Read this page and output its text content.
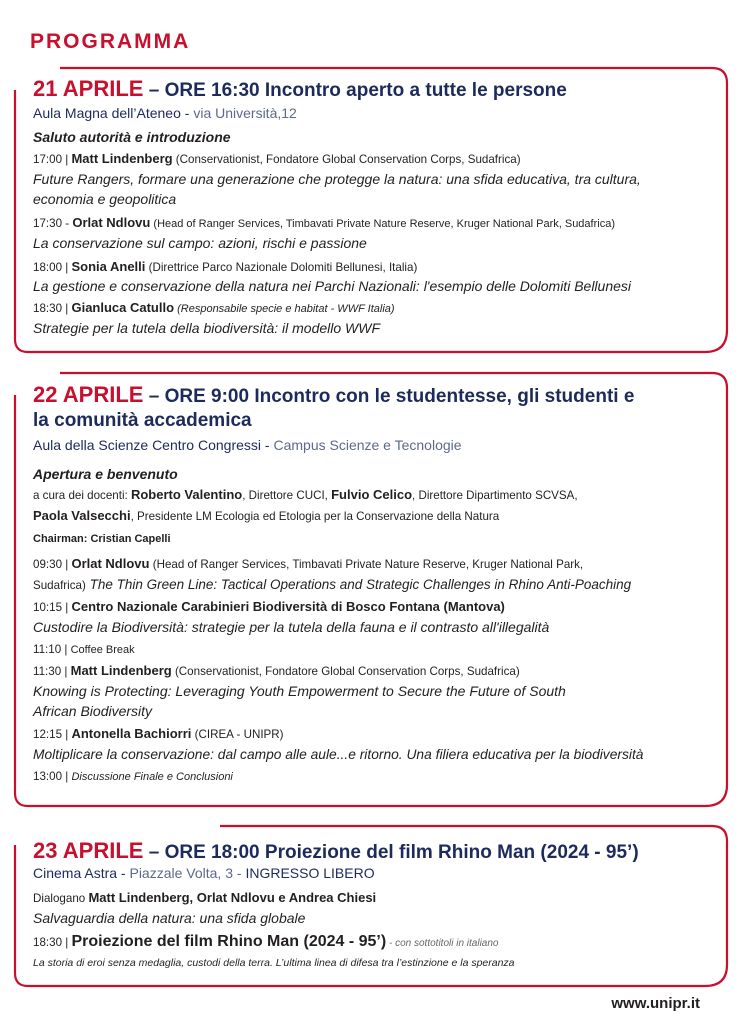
PROGRAMMA
21 APRILE – ORE 16:30 Incontro aperto a tutte le persone
Aula Magna dell’Ateneo - via Università,12
Saluto autorità e introduzione
17:00 | Matt Lindenberg (Conservationist, Fondatore Global Conservation Corps, Sudafrica)
Future Rangers, formare una generazione che protegge la natura: una sfida educativa, tra cultura,
economia e geopolitica
17:30 - Orlat Ndlovu (Head of Ranger Services, Timbavati Private Nature Reserve, Kruger National Park, Sudafrica)
La conservazione sul campo: azioni, rischi e passione
18:00 | Sonia Anelli (Direttrice Parco Nazionale Dolomiti Bellunesi, Italia)
La gestione e conservazione della natura nei Parchi Nazionali: l'esempio delle Dolomiti Bellunesi
18:30 | Gianluca Catullo (Responsabile specie e habitat - WWF Italia)
Strategie per la tutela della biodiversità: il modello WWF
22 APRILE – ORE 9:00 Incontro con le studentesse, gli studenti e
la comunità accademica
Aula della Scienze Centro Congressi - Campus Scienze e Tecnologie
Apertura e benvenuto
a cura dei docenti: Roberto Valentino, Direttore CUCI, Fulvio Celico, Direttore Dipartimento SCVSA,
Paola Valsecchi, Presidente LM Ecologia ed Etologia per la Conservazione della Natura
Chairman: Cristian Capelli
09:30 | Orlat Ndlovu (Head of Ranger Services, Timbavati Private Nature Reserve, Kruger National Park,
Sudafrica) The Thin Green Line: Tactical Operations and Strategic Challenges in Rhino Anti-Poaching
10:15 | Centro Nazionale Carabinieri Biodiversità di Bosco Fontana (Mantova)
Custodire la Biodiversità: strategie per la tutela della fauna e il contrasto all'illegalità
11:10 | Coffee Break
11:30 | Matt Lindenberg (Conservationist, Fondatore Global Conservation Corps, Sudafrica)
Knowing is Protecting: Leveraging Youth Empowerment to Secure the Future of South
African Biodiversity
12:15 | Antonella Bachiorri (CIREA - UNIPR)
Moltiplicare la conservazione: dal campo alle aule...e ritorno. Una filiera educativa per la biodiversità
13:00 | Discussione Finale e Conclusioni
23 APRILE – ORE 18:00 Proiezione del film Rhino Man (2024 - 95’)
Cinema Astra - Piazzale Volta, 3 - INGRESSO LIBERO
Dialogano Matt Lindenberg, Orlat Ndlovu e Andrea Chiesi
Salvaguardia della natura: una sfida globale
18:30 | Proiezione del film Rhino Man (2024 - 95’) - con sottotitoli in italiano
La storia di eroi senza medaglia, custodi della terra. L’ultima linea di difesa tra l’estinzione e la speranza
www.unipr.it
